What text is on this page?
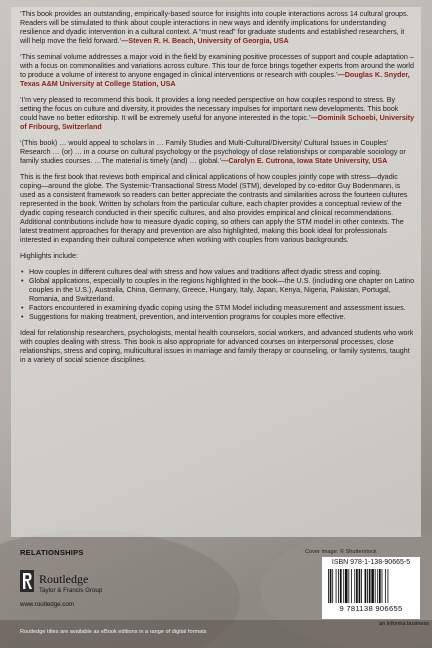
‘This book provides an outstanding, empirically-based source for insights into couple interactions across 14 cultural groups. Readers will be stimulated to think about couple interactions in new ways and identify implications for understanding resilience and dyadic intervention in a cultural context. A “must read” for graduate students and established researchers, it will help move the field forward.’—Steven R. H. Beach, University of Georgia, USA

‘This seminal volume addresses a major void in the field by examining positive processes of support and couple adaptation – with a focus on commonalities and variations across culture. This tour de force brings together experts from around the world to produce a volume of interest to anyone engaged in clinical interventions or research with couples.’—Douglas K. Snyder, Texas A&M University at College Station, USA

‘I’m very pleased to recommend this book. It provides a long needed perspective on how couples respond to stress. By setting the focus on culture and diversity, it provides the necessary impulses for important new developments. This book could have no better editorship. It will be extremely useful for anyone interested in the topic.’—Dominik Schoebi, University of Fribourg, Switzerland

‘(This book) … would appeal to scholars in … Family Studies and Multi-Cultural/Diversity/ Cultural Issues in Couples’ Research … (or) … in a course on cultural psychology or the psychology of close relationships or comparable sociology or family studies courses. …The material is timely (and) … global.’—Carolyn E. Cutrona, Iowa State University, USA

This is the first book that reviews both empirical and clinical applications of how couples jointly cope with stress—dyadic coping—around the globe. The Systemic-Transactional Stress Model (STM), developed by co-editor Guy Bodenmann, is used as a consistent framework so readers can better appreciate the contrasts and similarities across the fourteen cultures represented in the book. Written by scholars from the particular culture, each chapter provides a conceptual review of the dyadic coping research conducted in their specific cultures, and also provides empirical and clinical recommendations. Additional contributions include how to measure dyadic coping, so others can apply the STM model in other contexts. The latest treatment approaches for therapy and prevention are also highlighted, making this book ideal for professionals interested in expanding their cultural competence when working with couples from various backgrounds.

Highlights include:

• How couples in different cultures deal with stress and how values and traditions affect dyadic stress and coping.
• Global applications, especially to couples in the regions highlighted in the book—the U.S. (including one chapter on Latino couples in the U.S.), Australia, China, Germany, Greece, Hungary, Italy, Japan, Kenya, Nigeria, Pakistan, Portugal, Romania, and Switzerland.
• Factors encountered in examining dyadic coping using the STM Model including measurement and assessment issues.
• Suggestions for making treatment, prevention, and intervention programs for couples more effective.

Ideal for relationship researchers, psychologists, mental health counselors, social workers, and advanced students who work with couples dealing with stress. This book is also appropriate for advanced courses on interpersonal processes, close relationships, stress and coping, multicultural issues in marriage and family therapy or counseling, or family systems, taught in a variety of social science disciplines.

RELATIONSHIPS
Routledge
Taylor & Francis Group
www.routledge.com
Routledge titles are available as eBook editions in a range of digital formats
Cover image: © Shutterstock
ISBN 978-1-138-90665-5
9 781138 906655
an informa business
